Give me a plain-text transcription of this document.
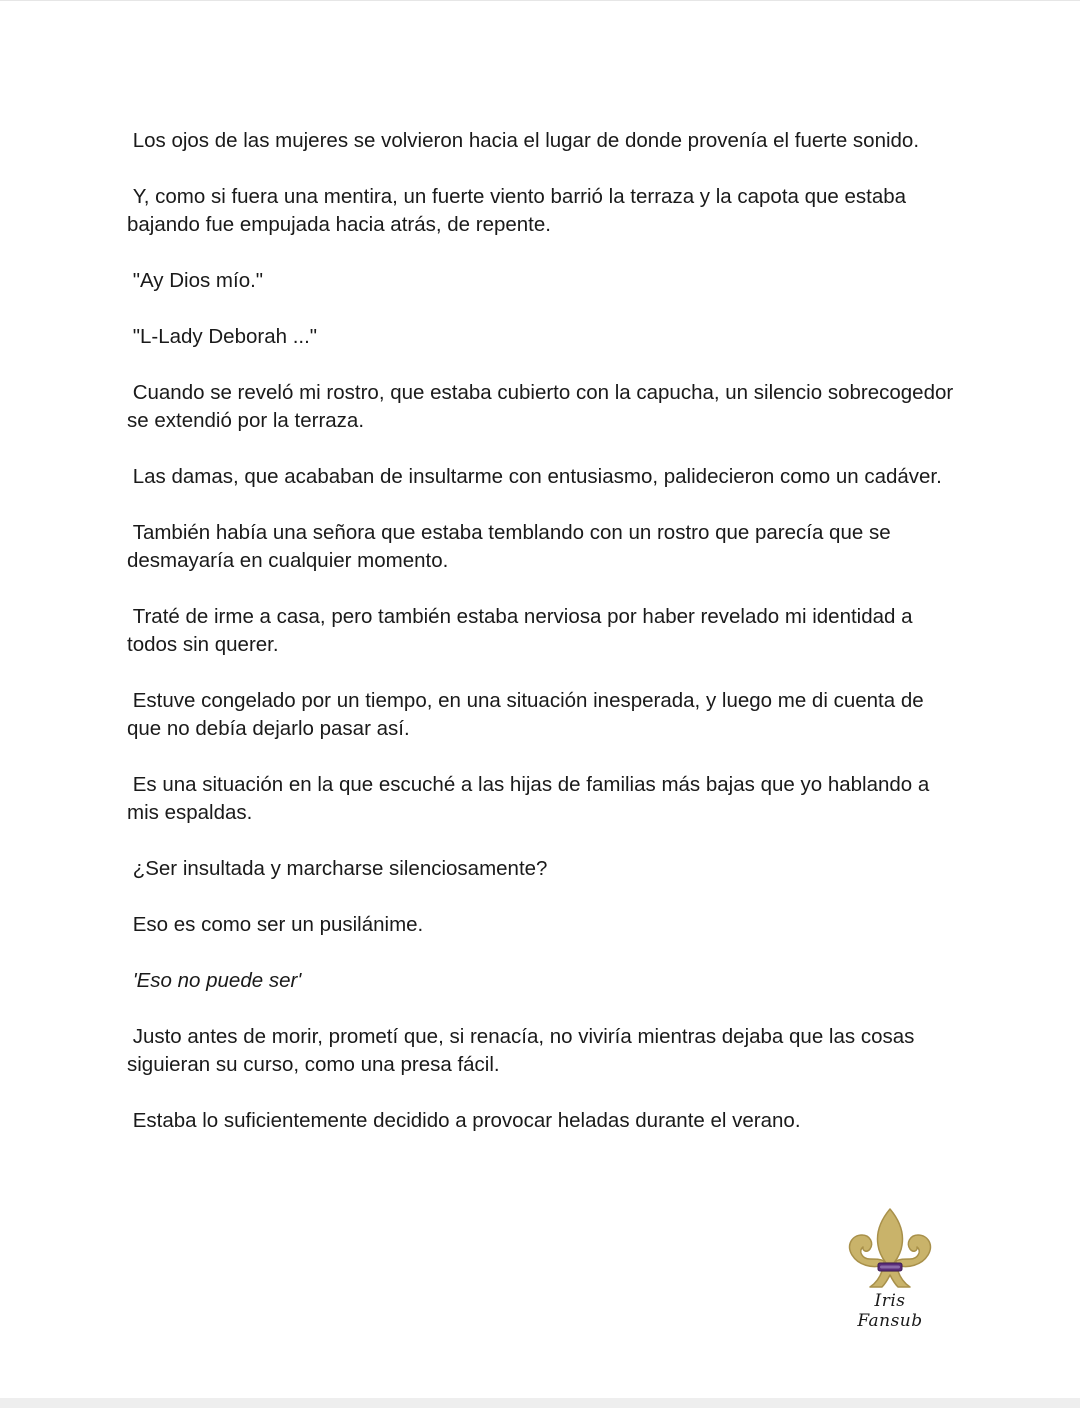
Los ojos de las mujeres se volvieron hacia el lugar de donde provenía el fuerte sonido.

Y, como si fuera una mentira, un fuerte viento barrió la terraza y la capota que estaba bajando fue empujada hacia atrás, de repente.

"Ay Dios mío."

"L-Lady Deborah ..."

Cuando se reveló mi rostro, que estaba cubierto con la capucha, un silencio sobrecogedor se extendió por la terraza.

Las damas, que acababan de insultarme con entusiasmo, palidecieron como un cadáver.

También había una señora que estaba temblando con un rostro que parecía que se desmayaría en cualquier momento.

Traté de irme a casa, pero también estaba nerviosa por haber revelado mi identidad a todos sin querer.

Estuve congelado por un tiempo, en una situación inesperada, y luego me di cuenta de que no debía dejarlo pasar así.

Es una situación en la que escuché a las hijas de familias más bajas que yo hablando a mis espaldas.

¿Ser insultada y marcharse silenciosamente?

Eso es como ser un pusilánime.

'Eso no puede ser'

Justo antes de morir, prometí que, si renacía, no viviría mientras dejaba que las cosas siguieran su curso, como una presa fácil.

Estaba lo suficientemente decidido a provocar heladas durante el verano.

Iris Fansub
